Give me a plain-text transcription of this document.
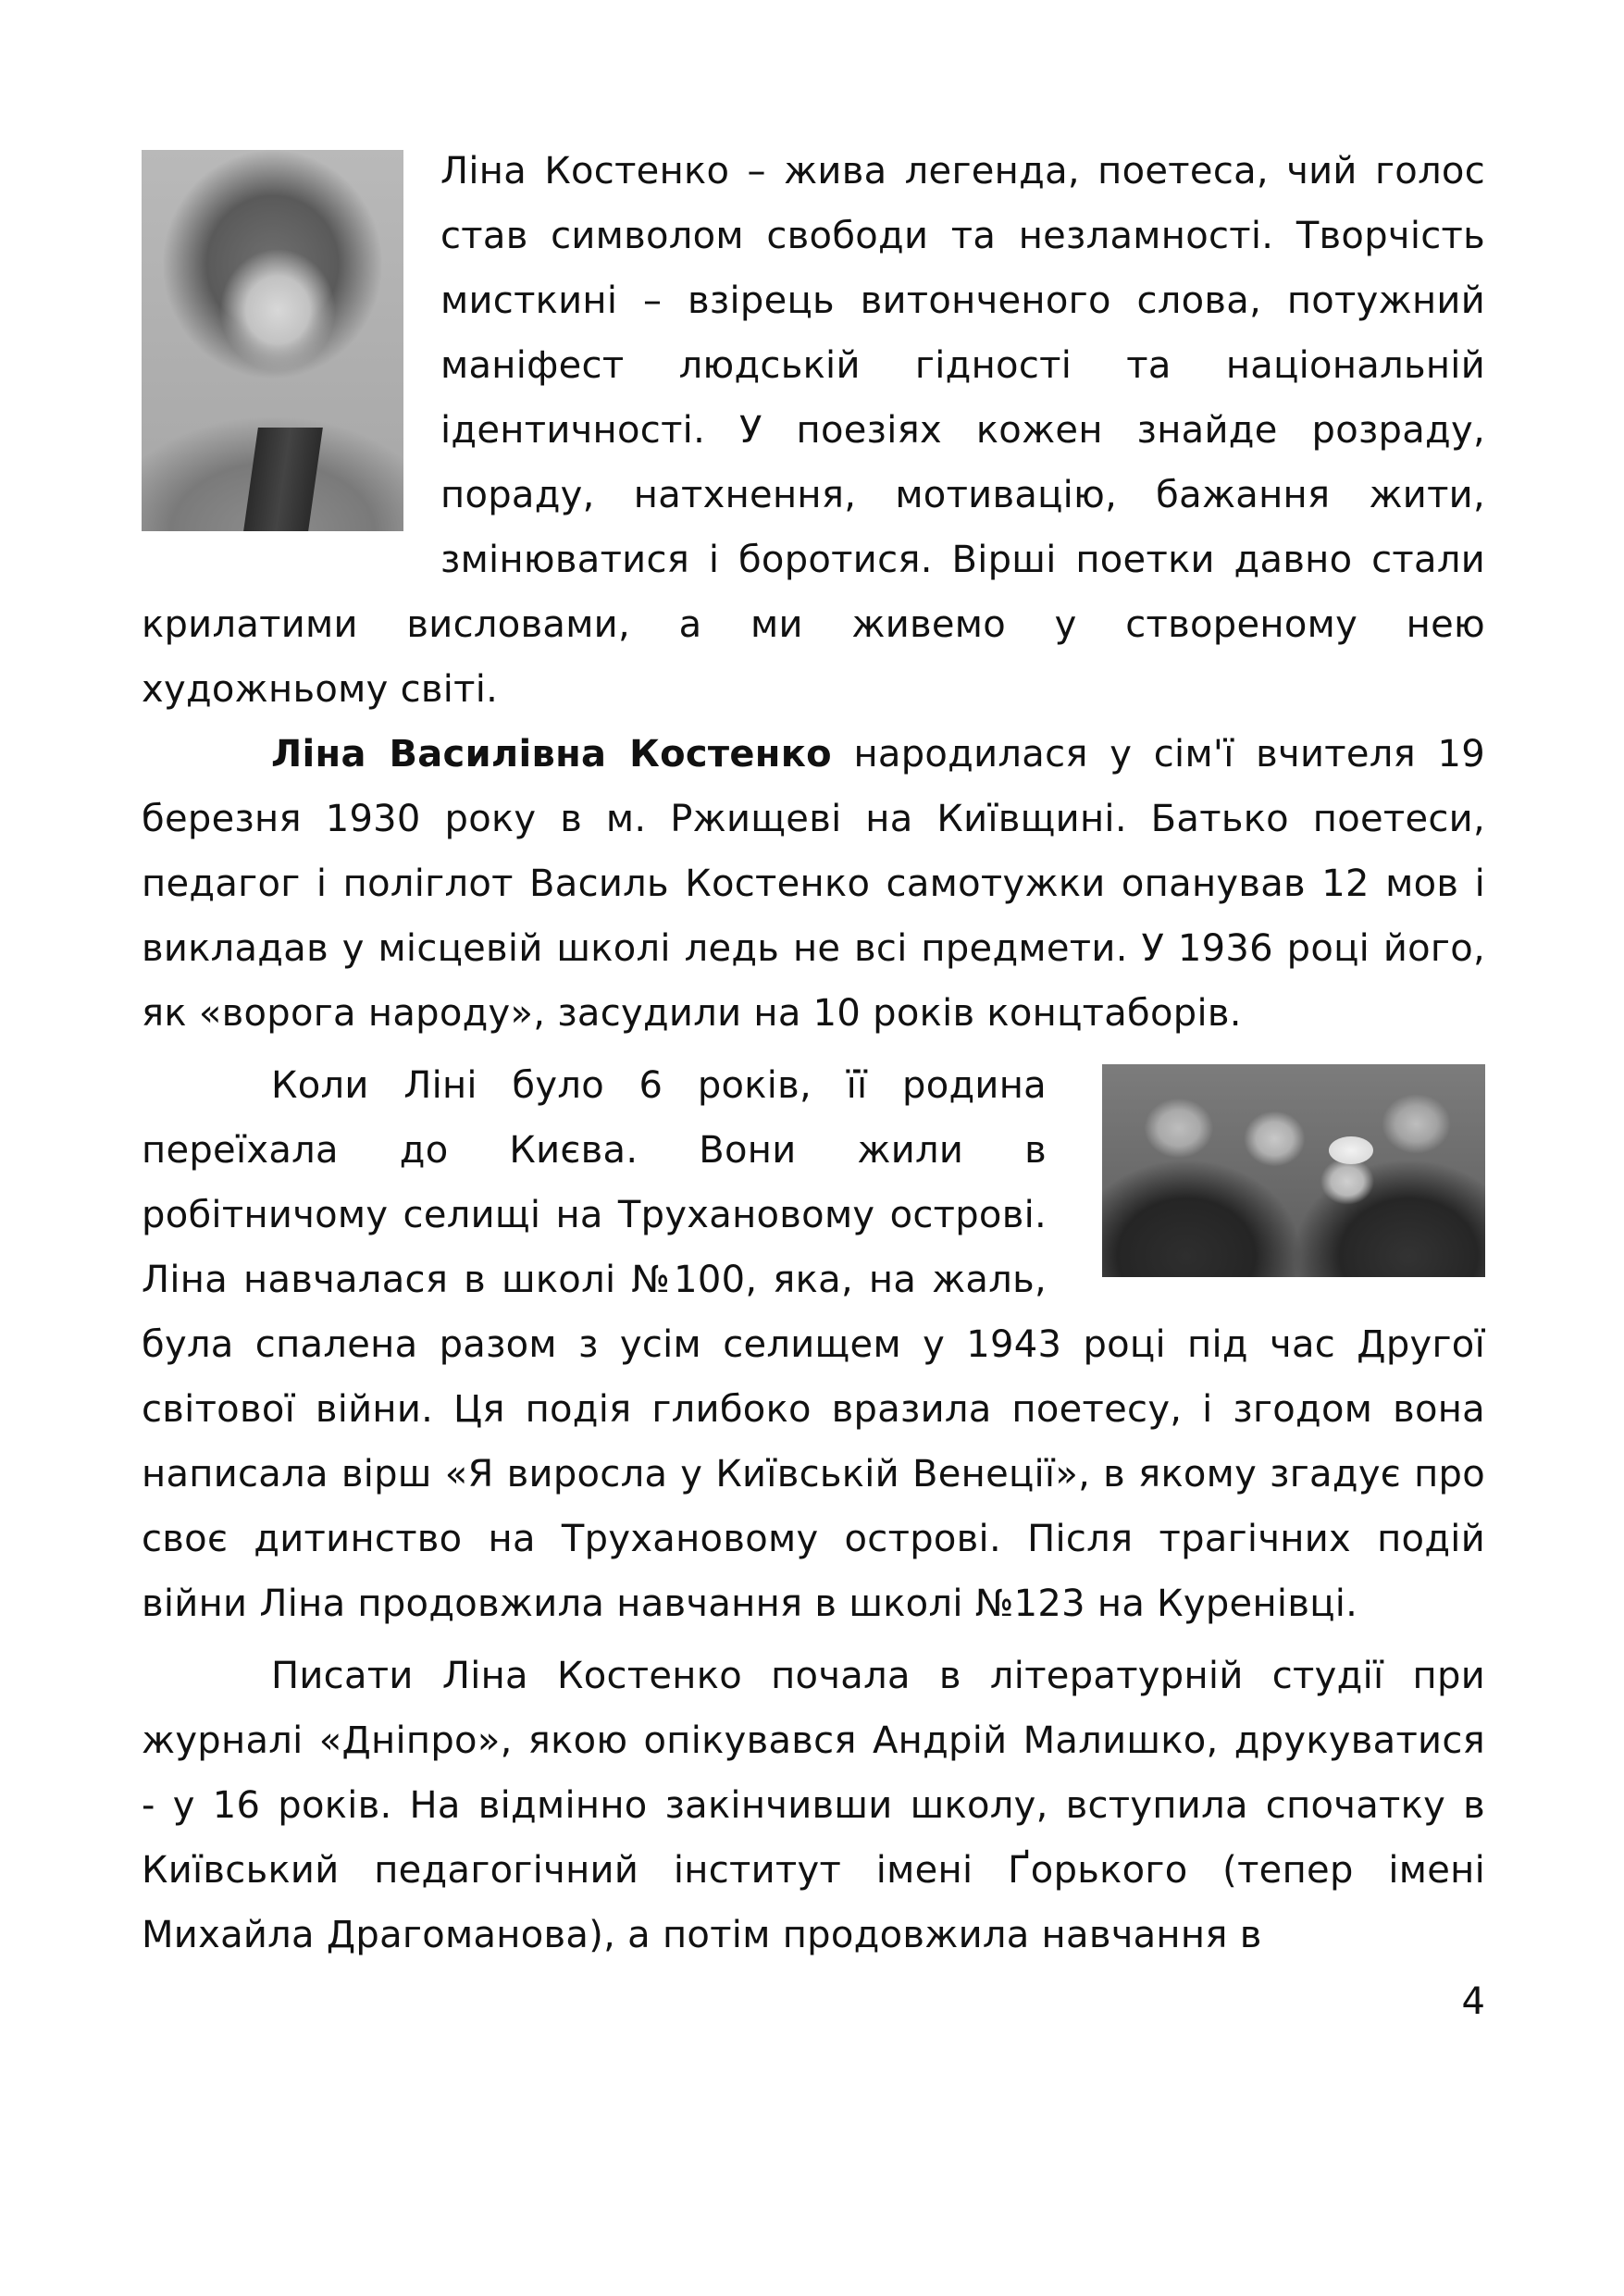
Ліна Костенко – жива легенда, поетеса, чий голос став символом свободи та незламності. Творчість мисткині – взірець витонченого слова, потужний маніфест людській гідності та національній ідентичності. У поезіях кожен знайде розраду, пораду, натхнення, мотивацію, бажання жити, змінюватися і боротися. Вірші поетки давно стали крилатими висловами, а ми живемо у створеному нею художньому світі.

Ліна Василівна Костенко народилася у сім'ї вчителя 19 березня 1930 року в м. Ржищеві на Київщині. Батько поетеси, педагог і поліглот Василь Костенко самотужки опанував 12 мов і викладав у місцевій школі ледь не всі предмети. У 1936 році його, як «ворога народу», засудили на 10 років концтаборів.

Коли Ліні було 6 років, її родина переїхала до Києва. Вони жили в робітничому селищі на Трухановому острові. Ліна навчалася в школі №100, яка, на жаль, була спалена разом з усім селищем у 1943 році під час Другої світової війни. Ця подія глибоко вразила поетесу, і згодом вона написала вірш «Я виросла у Київській Венеції», в якому згадує про своє дитинство на Трухановому острові. Після трагічних подій війни Ліна продовжила навчання в школі №123 на Куренівці.

Писати Ліна Костенко почала в літературній студії при журналі «Дніпро», якою опікувався Андрій Малишко, друкуватися - у 16 років. На відмінно закінчивши школу, вступила спочатку в Київський педагогічний інститут імені Ґорького (тепер імені Михайла Драгоманова), а потім продовжила навчання в

4
